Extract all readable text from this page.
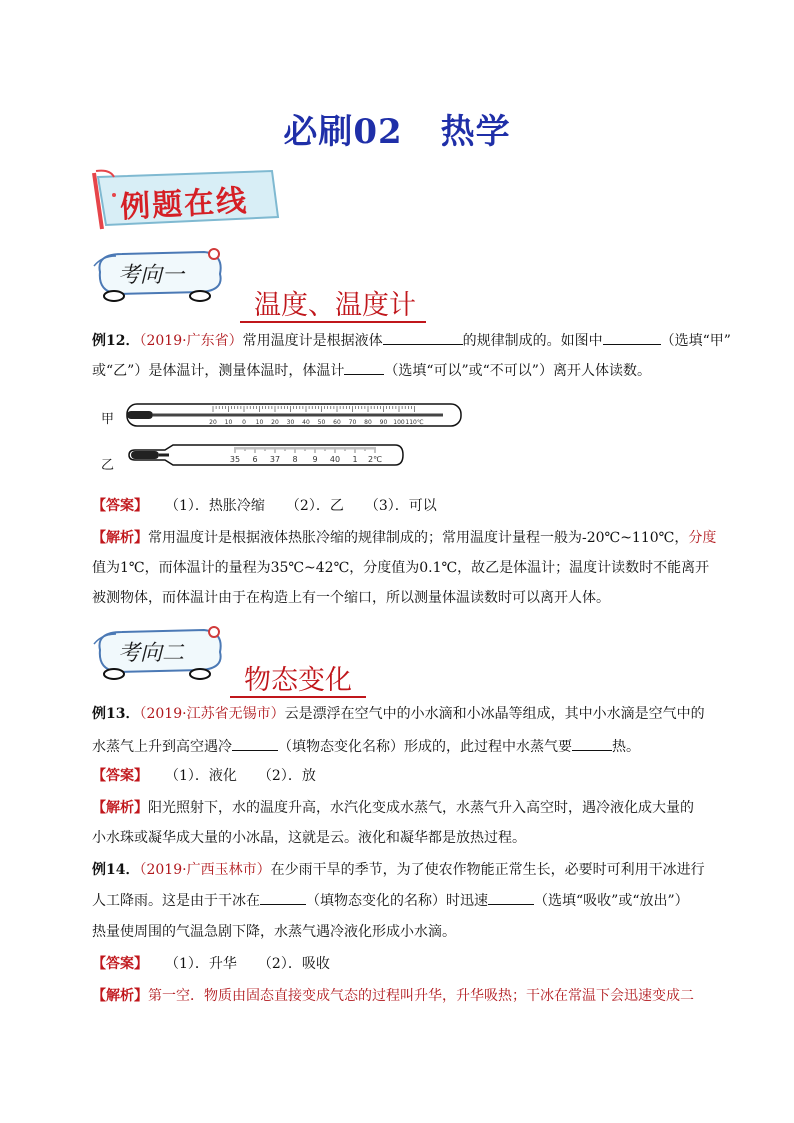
必刷02 热学
例题在线
考向一
温度、温度计
例12．（2019·广东省）常用温度计是根据液体	的规律制成的。如图中	（选填“甲”
或“乙”）是体温计，测量体温时，体温计	（选填“可以”或“不可以”）离开人体读数。
甲
乙
20 10 0 10 20 30 40 50 60 70 80 90 100 110℃
35 6 37 8 9 40 1 2℃
【答案】 （1）．热胀冷缩　　（2）．乙　　（3）．可以
【解析】常用温度计是根据液体热胀冷缩的规律制成的；常用温度计量程一般为-20℃~110℃，分度
值为1℃，而体温计的量程为35℃~42℃，分度值为0.1℃，故乙是体温计；温度计读数时不能离开
被测物体，而体温计由于在构造上有一个缩口，所以测量体温读数时可以离开人体。
考向二
物态变化
例13．（2019·江苏省无锡市）云是漂浮在空气中的小水滴和小冰晶等组成，其中小水滴是空气中的
水蒸气上升到高空遇冷	（填物态变化名称）形成的，此过程中水蒸气要	热。
【答案】 （1）．液化　　（2）．放
【解析】阳光照射下，水的温度升高，水汽化变成水蒸气，水蒸气升入高空时，遇冷液化成大量的
小水珠或凝华成大量的小冰晶，这就是云。液化和凝华都是放热过程。
例14．（2019·广西玉林市）在少雨干旱的季节，为了使农作物能正常生长，必要时可利用干冰进行
人工降雨。这是由于干冰在	（填物态变化的名称）时迅速	（选填“吸收”或“放出”）
热量使周围的气温急剧下降，水蒸气遇冷液化形成小水滴。
【答案】 （1）．升华　　（2）．吸收
【解析】第一空．物质由固态直接变成气态的过程叫升华，升华吸热；干冰在常温下会迅速变成二
